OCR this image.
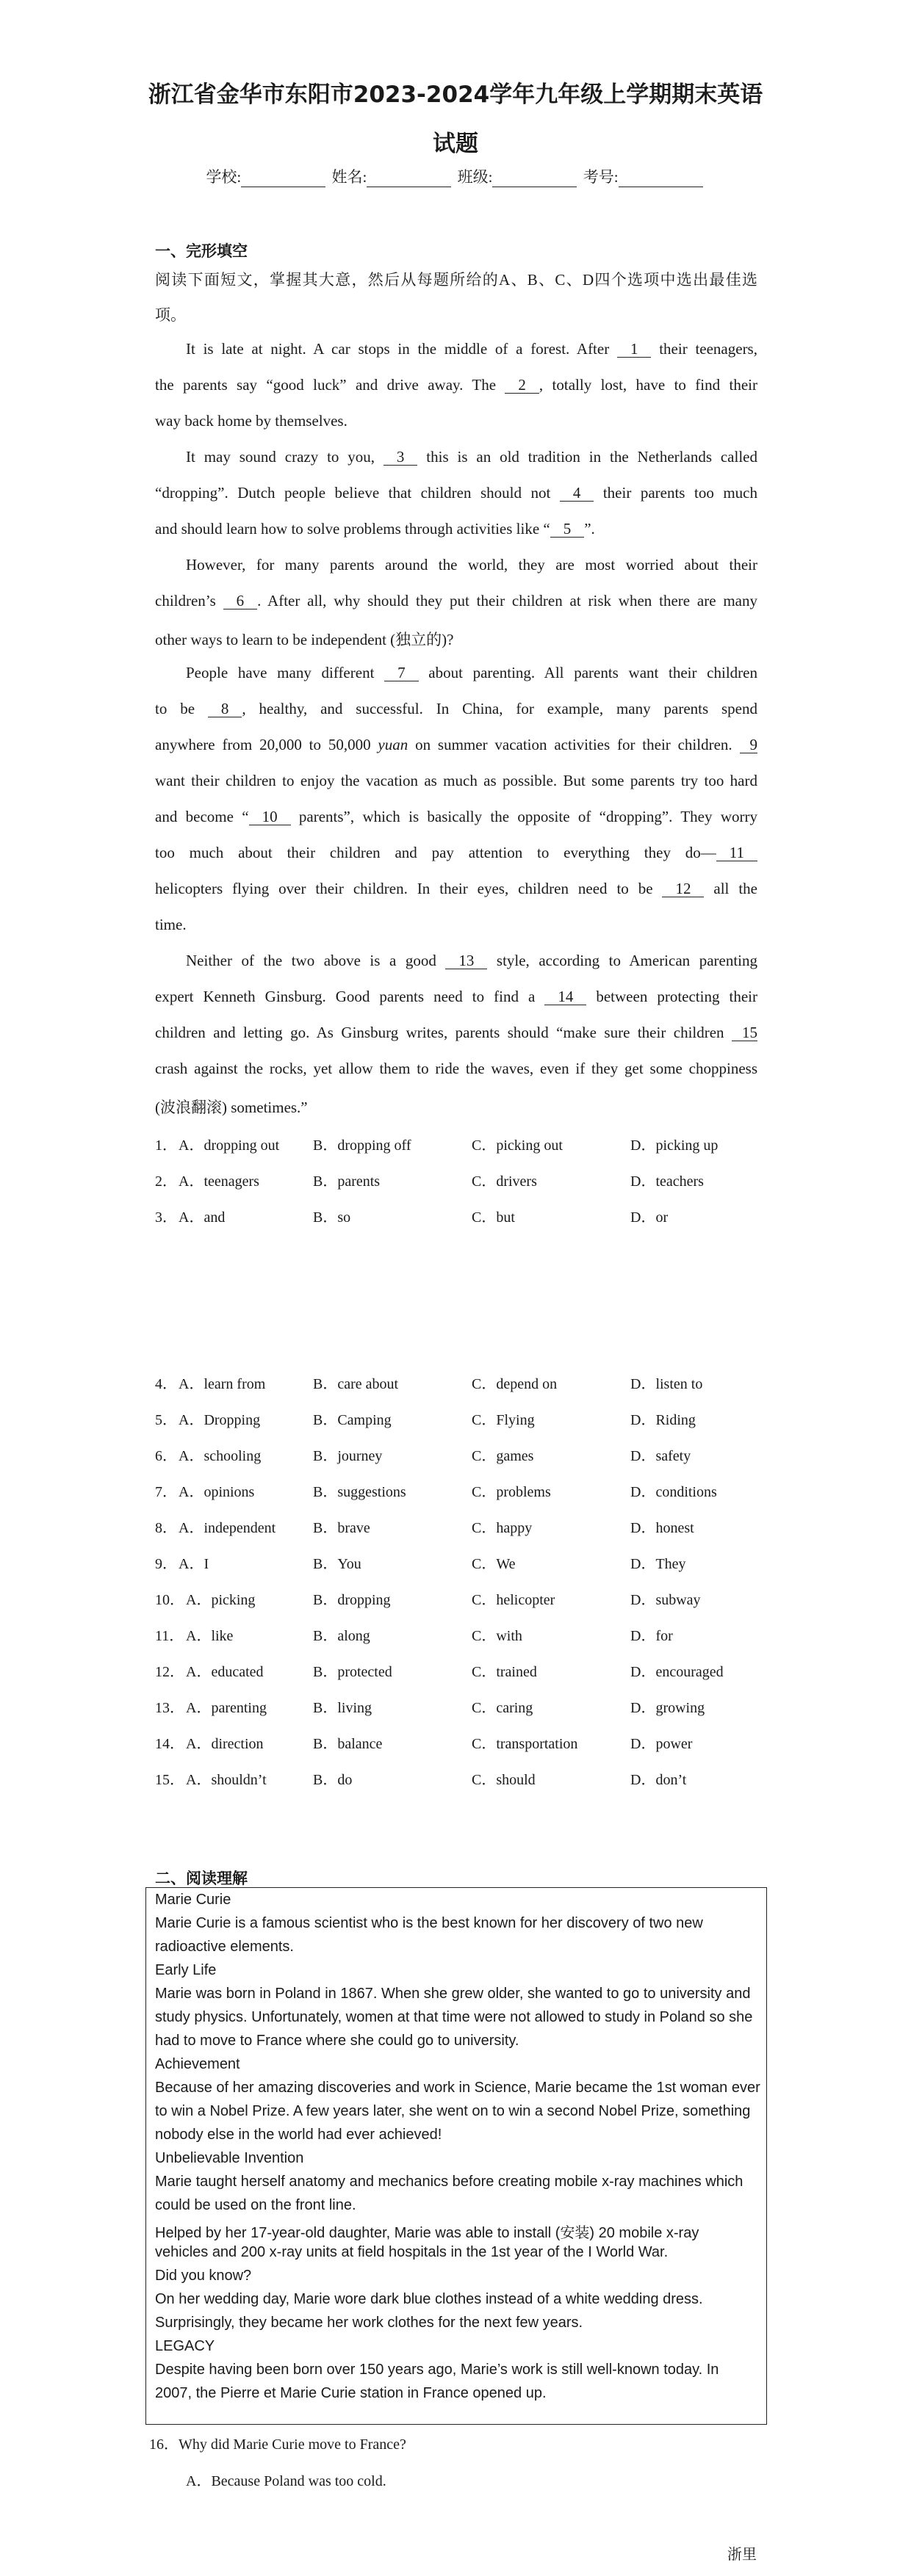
浙江省金华市东阳市2023-2024学年九年级上学期期末英语
试题
学校:	姓名:	班级:	考号:
一、完形填空
阅读下面短文，掌握其大意，然后从每题所给的A、B、C、D四个选项中选出最佳选
项。
It is late at night. A car stops in the middle of a forest. After 1 their teenagers,
the parents say “good luck” and drive away. The 2 , totally lost, have to find their
way back home by themselves.
It may sound crazy to you, 3 this is an old tradition in the Netherlands called
“dropping”. Dutch people believe that children should not 4 their parents too much
and should learn how to solve problems through activities like “ 5 ”.
However, for many parents around the world, they are most worried about their
children’s 6 . After all, why should they put their children at risk when there are many
other ways to learn to be independent (独立的)?
People have many different 7 about parenting. All parents want their children
to be 8 , healthy, and successful. In China, for example, many parents spend
anywhere from 20,000 to 50,000 yuan on summer vacation activities for their children. 9
want their children to enjoy the vacation as much as possible. But some parents try too hard
and become “ 10 parents”, which is basically the opposite of “dropping”. They worry
too much about their children and pay attention to everything they do— 11
helicopters flying over their children. In their eyes, children need to be 12 all the
time.
Neither of the two above is a good 13 style, according to American parenting
expert Kenneth Ginsburg. Good parents need to find a 14 between protecting their
children and letting go. As Ginsburg writes, parents should “make sure their children 15
crash against the rocks, yet allow them to ride the waves, even if they get some choppiness
(波浪翻滚) sometimes.”
1． A．dropping out B．dropping off	C．picking out	D．picking up
2． A．teenagers	B．parents	C．drivers	D．teachers
3． A．and	B．so	C．but	D．or
4． A．learn from	B．care about	C．depend on	D．listen to
5． A．Dropping	B．Camping	C．Flying	D．Riding
6． A．schooling	B．journey	C．games	D．safety
7． A．opinions	B．suggestions	C．problems	D．conditions
8． A．independent	B．brave	C．happy	D．honest
9． A．I	B．You	C．We	D．They
10． A．picking	B．dropping	C．helicopter	D．subway
11． A．like	B．along	C．with	D．for
12． A．educated	B．protected	C．trained	D．encouraged
13． A．parenting	B．living	C．caring	D．growing
14． A．direction	B．balance	C．transportation	D．power
15． A．shouldn’t	B．do	C．should	D．don’t
二、阅读理解
Marie Curie
Marie Curie is a famous scientist who is the best known for her discovery of two new
radioactive elements.
Early Life
Marie was born in Poland in 1867. When she grew older, she wanted to go to university and
study physics. Unfortunately, women at that time were not allowed to study in Poland so she
had to move to France where she could go to university.
Achievement
Because of her amazing discoveries and work in Science, Marie became the 1st woman ever
to win a Nobel Prize. A few years later, she went on to win a second Nobel Prize, something
nobody else in the world had ever achieved!
Unbelievable Invention
Marie taught herself anatomy and mechanics before creating mobile x-ray machines which
could be used on the front line.
Helped by her 17-year-old daughter, Marie was able to install (安装) 20 mobile x-ray
vehicles and 200 x-ray units at field hospitals in the 1st year of the I World War.
Did you know?
On her wedding day, Marie wore dark blue clothes instead of a white wedding dress.
Surprisingly, they became her work clothes for the next few years.
LEGACY
Despite having been born over 150 years ago, Marie’s work is still well-known today. In
2007, the Pierre et Marie Curie station in France opened up.
16．Why did Marie Curie move to France?
A．Because Poland was too cold.
浙里
